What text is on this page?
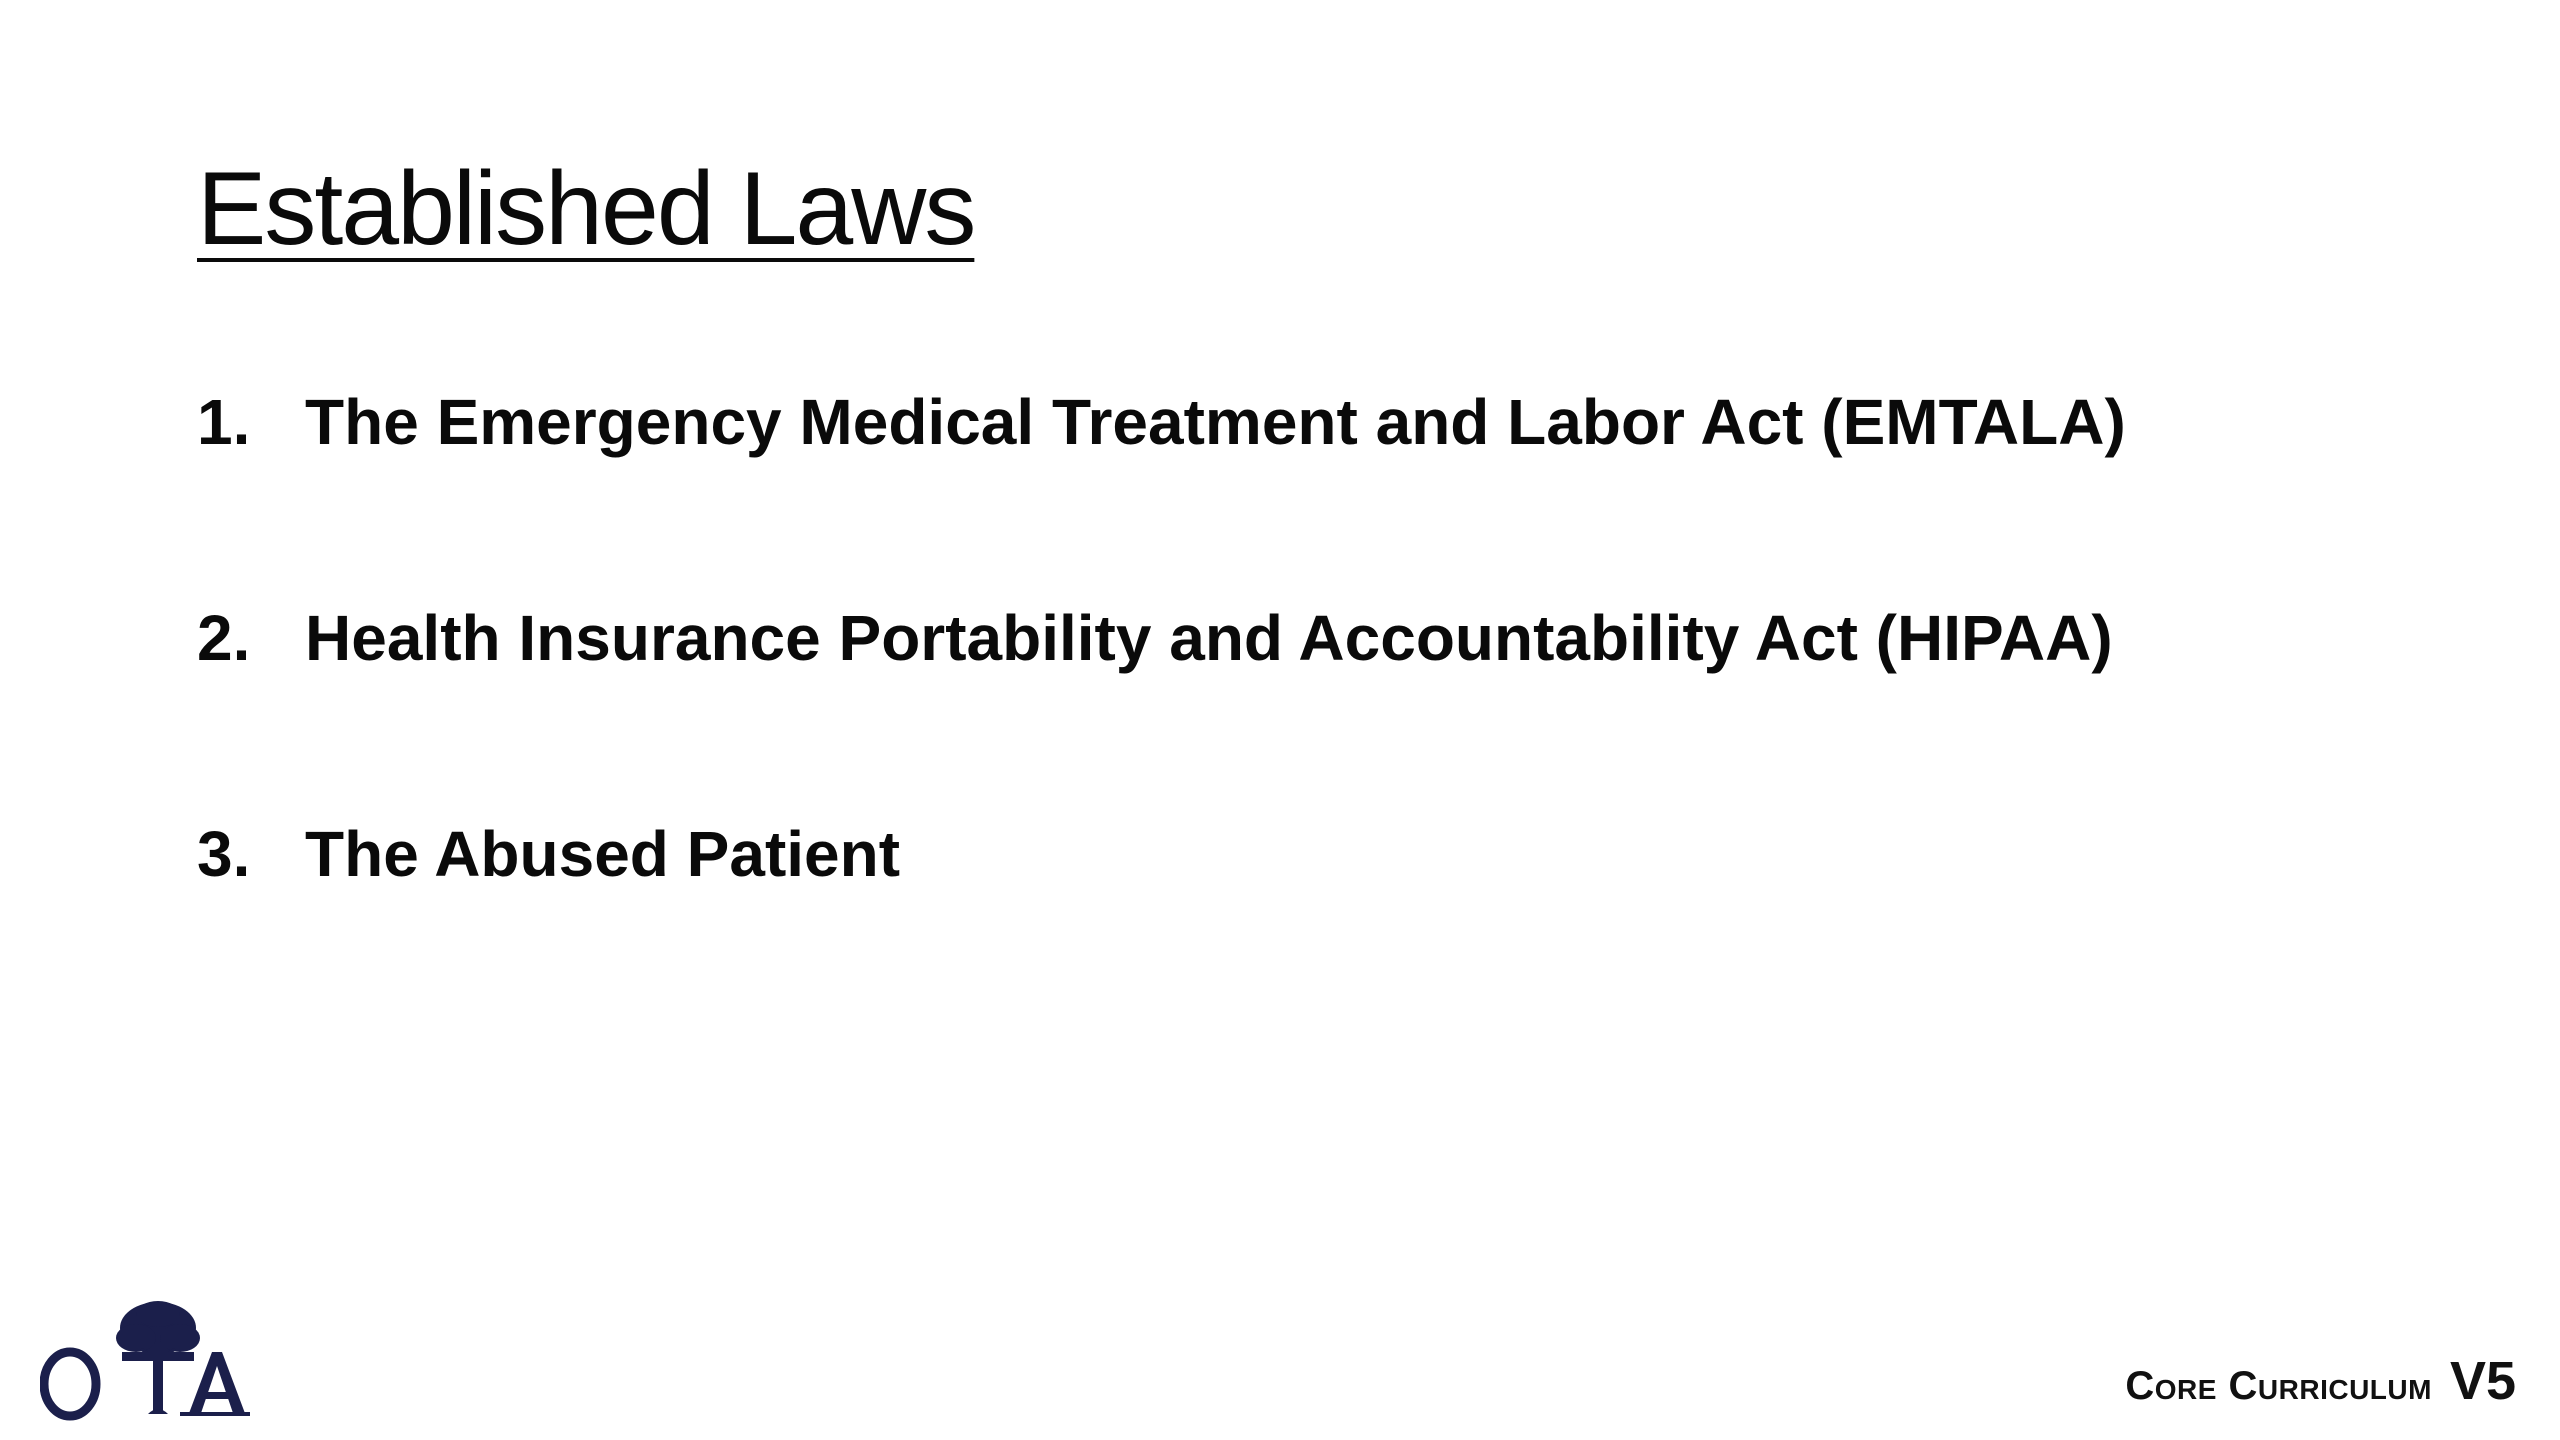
Established Laws
1. The Emergency Medical Treatment and Labor Act (EMTALA)
2. Health Insurance Portability and Accountability Act (HIPAA)
3. The Abused Patient
Core Curriculum V5
